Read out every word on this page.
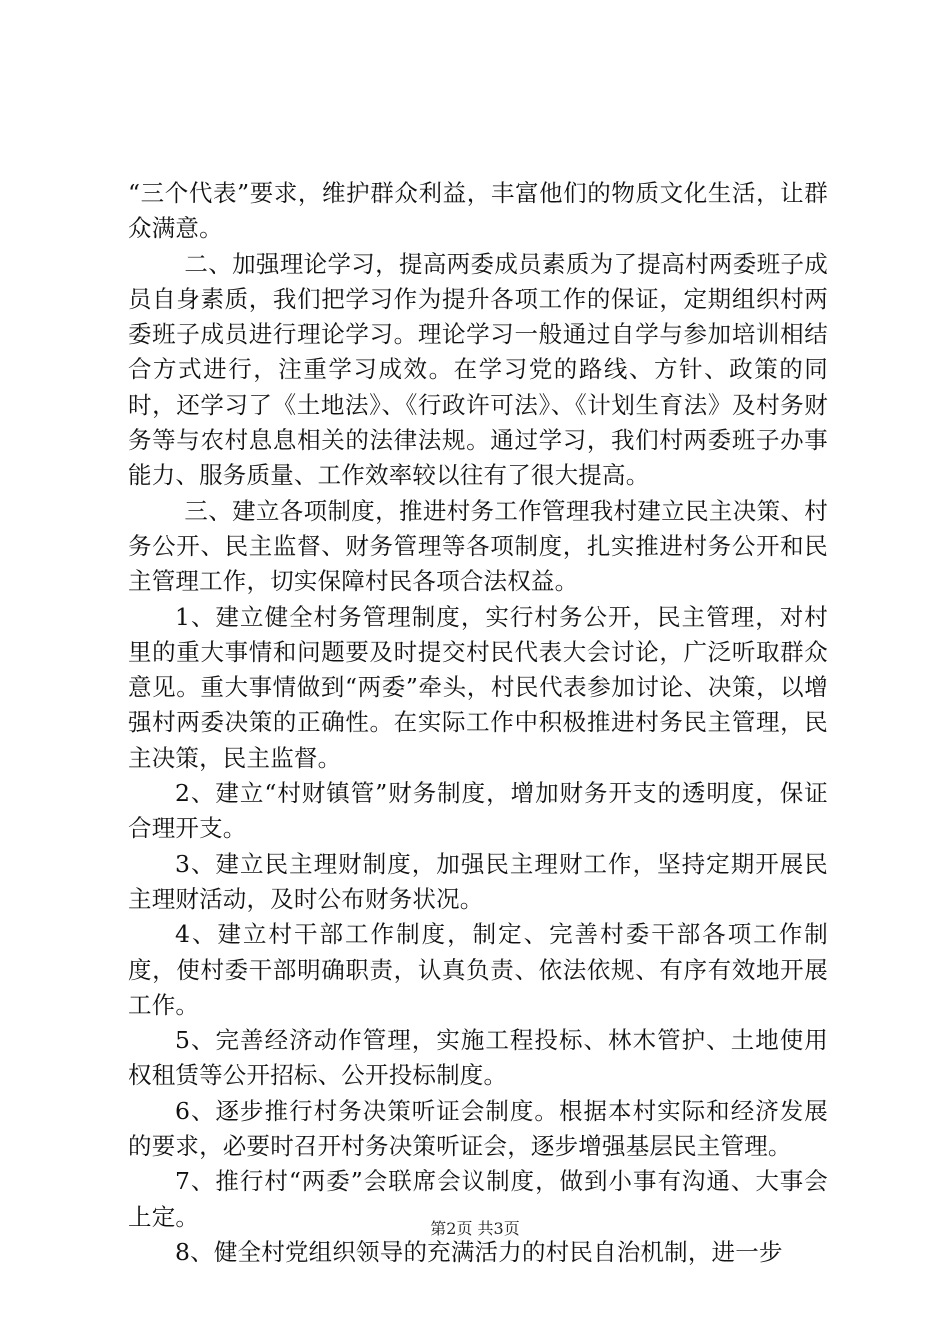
“三个代表”要求，维护群众利益，丰富他们的物质文化生活，让群众满意。

二、加强理论学习，提高两委成员素质为了提高村两委班子成员自身素质，我们把学习作为提升各项工作的保证，定期组织村两委班子成员进行理论学习。理论学习一般通过自学与参加培训相结合方式进行，注重学习成效。在学习党的路线、方针、政策的同时，还学习了《土地法》、《行政许可法》、《计划生育法》及村务财务等与农村息息相关的法律法规。通过学习，我们村两委班子办事能力、服务质量、工作效率较以往有了很大提高。

三、建立各项制度，推进村务工作管理我村建立民主决策、村务公开、民主监督、财务管理等各项制度，扎实推进村务公开和民主管理工作，切实保障村民各项合法权益。

1、建立健全村务管理制度，实行村务公开，民主管理，对村里的重大事情和问题要及时提交村民代表大会讨论，广泛听取群众意见。重大事情做到“两委”牵头，村民代表参加讨论、决策，以增强村两委决策的正确性。在实际工作中积极推进村务民主管理，民主决策，民主监督。

2、建立“村财镇管”财务制度，增加财务开支的透明度，保证合理开支。

3、建立民主理财制度，加强民主理财工作，坚持定期开展民主理财活动，及时公布财务状况。

4、建立村干部工作制度，制定、完善村委干部各项工作制度，使村委干部明确职责，认真负责、依法依规、有序有效地开展工作。

5、完善经济动作管理，实施工程投标、林木管护、土地使用权租赁等公开招标、公开投标制度。

6、逐步推行村务决策听证会制度。根据本村实际和经济发展的要求，必要时召开村务决策听证会，逐步增强基层民主管理。

7、推行村“两委”会联席会议制度，做到小事有沟通、大事会上定。

8、健全村党组织领导的充满活力的村民自治机制，进一步

第2页 共3页
